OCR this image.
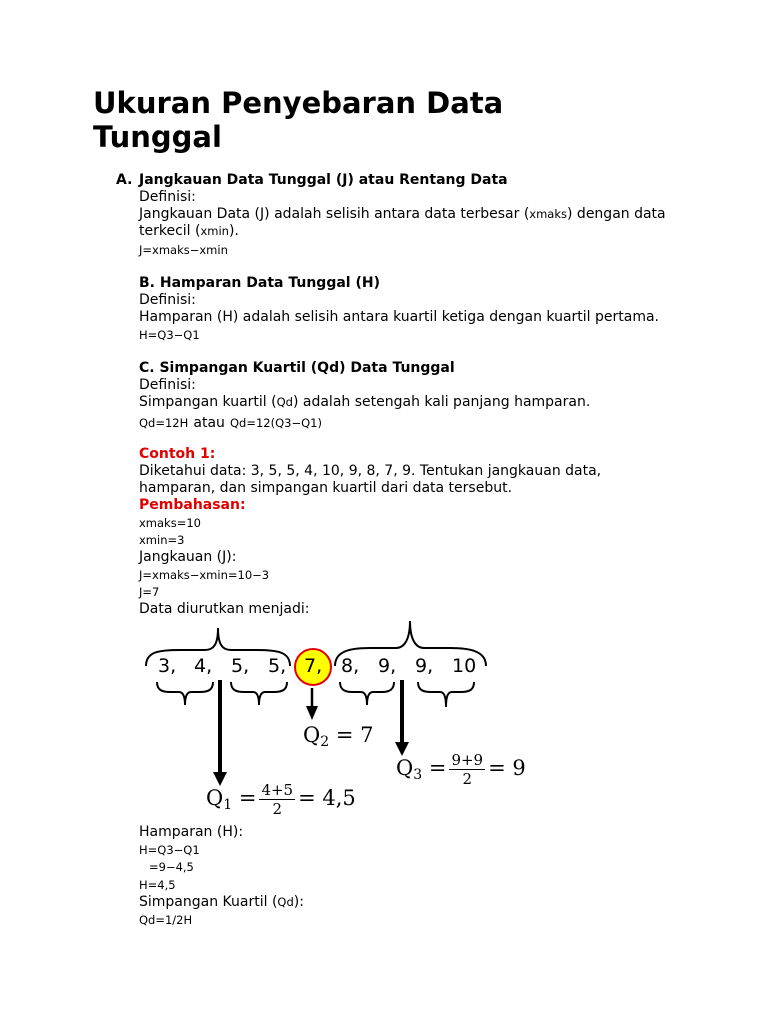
Ukuran Penyebaran Data Tunggal
A. Jangkauan Data Tunggal (J) atau Rentang Data
Definisi:
Jangkauan Data (J) adalah selisih antara data terbesar (xmaks) dengan data
terkecil (xmin).
J=xmaks−xmin
B. Hamparan Data Tunggal (H)
Definisi:
Hamparan (H) adalah selisih antara kuartil ketiga dengan kuartil pertama.
H=Q3−Q1
C. Simpangan Kuartil (Qd) Data Tunggal
Definisi:
Simpangan kuartil (Qd) adalah setengah kali panjang hamparan.
Qd=12H atau Qd=12(Q3−Q1)
Contoh 1:
Diketahui data: 3, 5, 5, 4, 10, 9, 8, 7, 9. Tentukan jangkauan data,
hamparan, dan simpangan kuartil dari data tersebut.
Pembahasan:
xmaks=10
xmin=3
Jangkauan (J):
J=xmaks−xmin=10−3
J=7
Data diurutkan menjadi:
3, 4, 5, 5, 7, 8, 9, 9, 10
$Q_2 = 7$
$Q_3 = \frac{9+9}{2} = 9$
$Q_1 = \frac{4+5}{2} = 4,5$
Hamparan (H):
H=Q3−Q1
=9−4,5
H=4,5
Simpangan Kuartil (Qd):
Qd=1/2H
